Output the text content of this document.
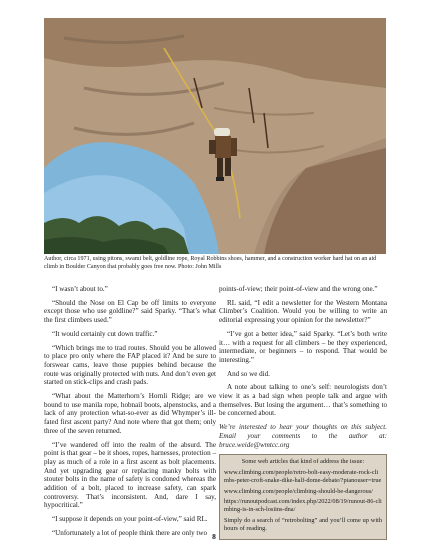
Author, circa 1971, using pitons, swami belt, goldline rope, Royal Robbins shoes, hammer, and a construction worker hard hat on an aid climb in Boulder Canyon that probably goes free now. Photo: John Mills

“I wasn’t about to.”

“Should the Nose on El Cap be off limits to everyone except those who use goldline?” said Sparky. “That’s what the first climbers used.”

“It would certainly cut down traffic.”

“Which brings me to trad routes. Should you be allowed to place pro only where the FAP placed it? And be sure to forswear cams, leave those puppies behind because the route was originally protected with nuts. And don’t even get started on stick-clips and crash pads.

“What about the Matterhorn’s Hornli Ridge; are we bound to use manila rope, hobnail boots, alpenstocks, and a lack of any protection what-so-ever as did Whymper’s ill-fated first ascent party? And note where that got them; only three of the seven returned.

“I’ve wandered off into the realm of the absurd. The point is that gear – be it shoes, ropes, harnesses, protection – play as much of a role in a first ascent as bolt placements. And yet upgrading gear or replacing manky bolts with stouter bolts in the name of safety is condoned whereas the addition of a bolt, placed to increase safety, can spark controversy. That’s inconsistent. And, dare I say, hypocritical.”

“I suppose it depends on your point-of-view,” said RL.

“Unfortunately a lot of people think there are only two

points-of-view; their point-of-view and the wrong one.”

RL said, “I edit a newsletter for the Western Montana Climber’s Coalition. Would you be willing to write an editorial expressing your opinion for the newsletter?”

“I’ve got a better idea,” said Sparky. “Let’s both write it… with a request for all climbers – be they experienced, intermediate, or beginners – to respond. That would be interesting.”

And so we did.

A note about talking to one’s self: neurologists don’t view it as a bad sign when people talk and argue with themselves. But losing the argument… that’s something to be concerned about.

We’re interested to hear your thoughts on this subject. Email your comments to the author at: bruce.weide@wmtcc.org

Some web articles that kind of address the issue:
www.climbing.com/people/retro-bolt-easy-moderate-rock-climbs-peter-croft-snake-dike-half-dome-debate/?pianouser=true
www.climbing.com/people/climbing-should-be-dangerous/
https://runoutpodcast.com/index.php/2022/08/19/runout-86-climbing-is-in-sch-losiins-dna/
Simply do a search of “retrobolting” and you’ll come up with hours of reading.
8
